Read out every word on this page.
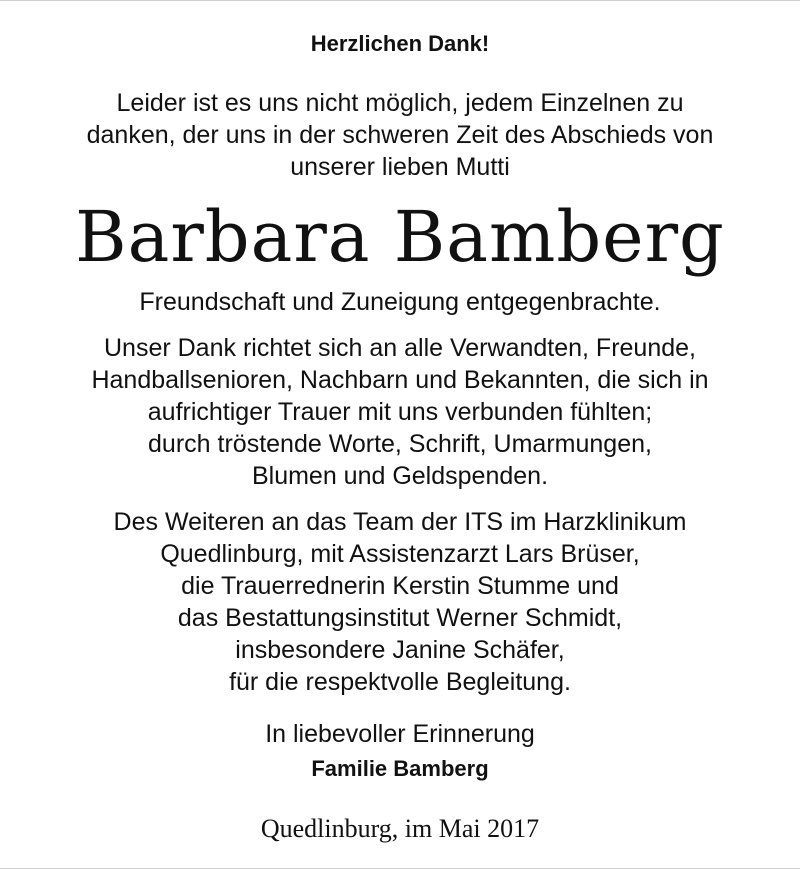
Herzlichen Dank!
Leider ist es uns nicht möglich, jedem Einzelnen zu
danken, der uns in der schweren Zeit des Abschieds von
unserer lieben Mutti
Barbara Bamberg
Freundschaft und Zuneigung entgegenbrachte.
Unser Dank richtet sich an alle Verwandten, Freunde,
Handballsenioren, Nachbarn und Bekannten, die sich in
aufrichtiger Trauer mit uns verbunden fühlten;
durch tröstende Worte, Schrift, Umarmungen,
Blumen und Geldspenden.
Des Weiteren an das Team der ITS im Harzklinikum
Quedlinburg, mit Assistenzarzt Lars Brüser,
die Trauerrednerin Kerstin Stumme und
das Bestattungsinstitut Werner Schmidt,
insbesondere Janine Schäfer,
für die respektvolle Begleitung.
In liebevoller Erinnerung
Familie Bamberg
Quedlinburg, im Mai 2017
